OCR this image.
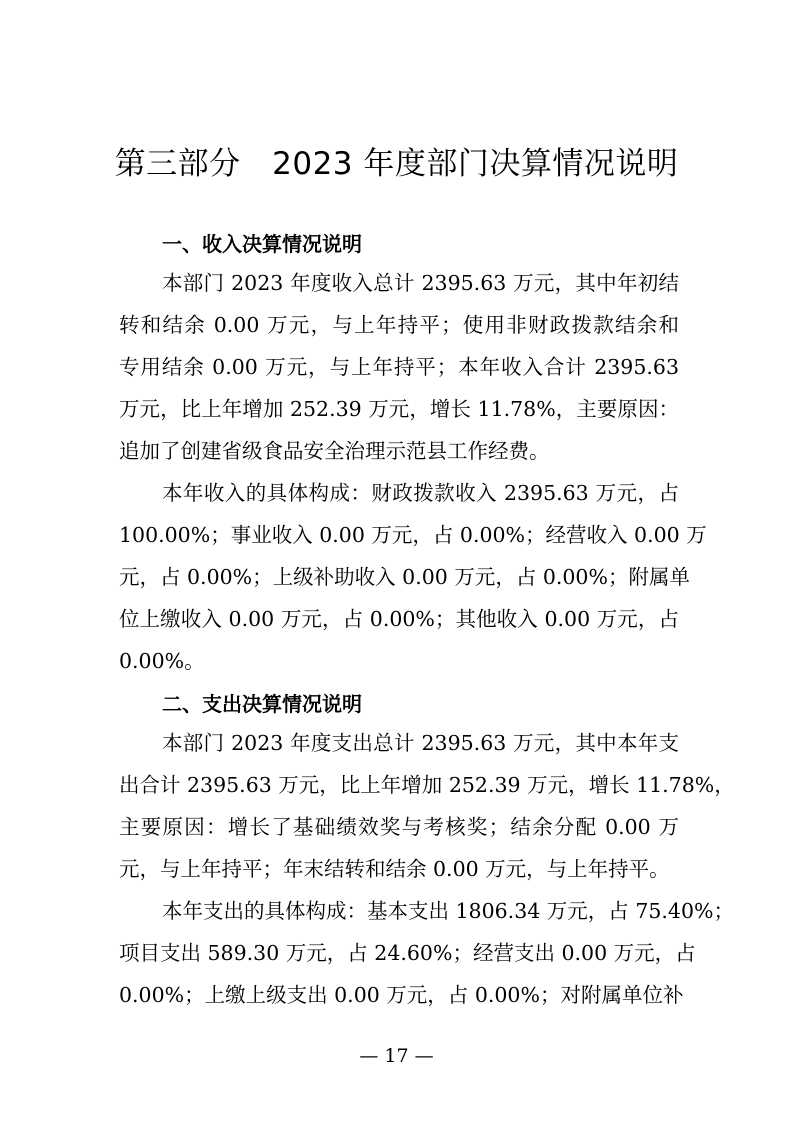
第三部分　2023 年度部门决算情况说明
一、收入决算情况说明
本部门 2023 年度收入总计 2395.63 万元，其中年初结
转和结余 0.00 万元，与上年持平；使用非财政拨款结余和
专用结余 0.00 万元，与上年持平；本年收入合计 2395.63
万元，比上年增加 252.39 万元，增长 11.78%，主要原因：
追加了创建省级食品安全治理示范县工作经费。
本年收入的具体构成：财政拨款收入 2395.63 万元，占
100.00%；事业收入 0.00 万元，占 0.00%；经营收入 0.00 万
元，占 0.00%；上级补助收入 0.00 万元，占 0.00%；附属单
位上缴收入 0.00 万元，占 0.00%；其他收入 0.00 万元，占
0.00%。
二、支出决算情况说明
本部门 2023 年度支出总计 2395.63 万元，其中本年支
出合计 2395.63 万元，比上年增加 252.39 万元，增长 11.78%，
主要原因：增长了基础绩效奖与考核奖；结余分配 0.00 万
元，与上年持平；年末结转和结余 0.00 万元，与上年持平。
本年支出的具体构成：基本支出 1806.34 万元，占 75.40%；
项目支出 589.30 万元，占 24.60%；经营支出 0.00 万元，占
0.00%；上缴上级支出 0.00 万元，占 0.00%；对附属单位补
— 17 —
